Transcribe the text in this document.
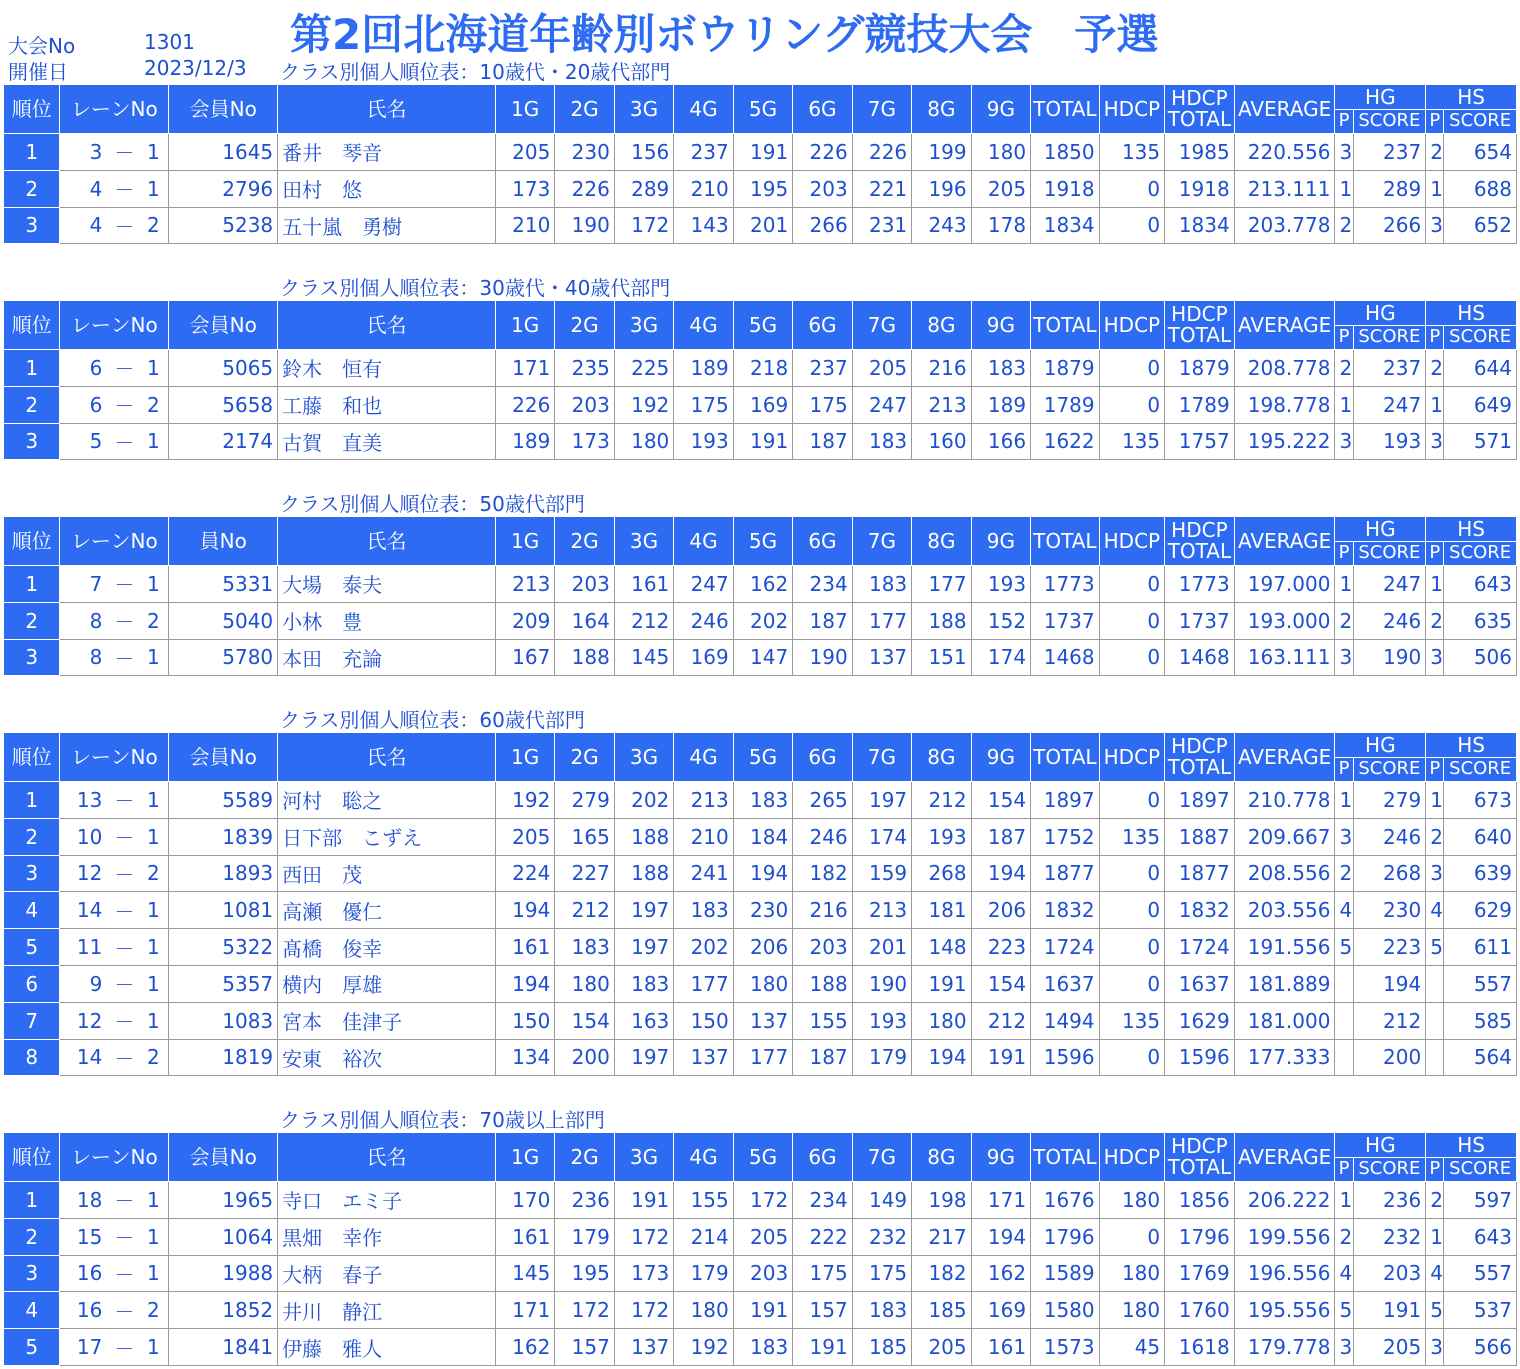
大会No	1301
開催日	2023/12/3
第2回北海道年齢別ボウリング競技大会　予選
クラス別個人順位表：10歳代・20歳代部門
順位	レーンNo			会員No	氏名	1G	2G	3G	4G	5G	6G	7G	8G	9G	TOTAL	HDCP	HDCP
TOTAL	AVERAGE	HG		HS	
																			P	SCORE	P	SCORE
1	3	－	1	1645	番井　琴音	205	230	156	237	191	226	226	199	180	1850	135	1985	220.556	3	237	2	654
2	4	－	1	2796	田村　悠	173	226	289	210	195	203	221	196	205	1918	0	1918	213.111	1	289	1	688
3	4	－	2	5238	五十嵐　勇樹	210	190	172	143	201	266	231	243	178	1834	0	1834	203.778	2	266	3	652
クラス別個人順位表：30歳代・40歳代部門
順位	レーンNo			会員No	氏名	1G	2G	3G	4G	5G	6G	7G	8G	9G	TOTAL	HDCP	HDCP
TOTAL	AVERAGE	HG		HS	
																			P	SCORE	P	SCORE
1	6	－	1	5065	鈴木　恒有	171	235	225	189	218	237	205	216	183	1879	0	1879	208.778	2	237	2	644
2	6	－	2	5658	工藤　和也	226	203	192	175	169	175	247	213	189	1789	0	1789	198.778	1	247	1	649
3	5	－	1	2174	古賀　直美	189	173	180	193	191	187	183	160	166	1622	135	1757	195.222	3	193	3	571
クラス別個人順位表：50歳代部門
順位	レーンNo			員No	氏名	1G	2G	3G	4G	5G	6G	7G	8G	9G	TOTAL	HDCP	HDCP
TOTAL	AVERAGE	HG		HS	
																			P	SCORE	P	SCORE
1	7	－	1	5331	大場　泰夫	213	203	161	247	162	234	183	177	193	1773	0	1773	197.000	1	247	1	643
2	8	－	2	5040	小林　豊	209	164	212	246	202	187	177	188	152	1737	0	1737	193.000	2	246	2	635
3	8	－	1	5780	本田　充論	167	188	145	169	147	190	137	151	174	1468	0	1468	163.111	3	190	3	506
クラス別個人順位表：60歳代部門
順位	レーンNo			会員No	氏名	1G	2G	3G	4G	5G	6G	7G	8G	9G	TOTAL	HDCP	HDCP
TOTAL	AVERAGE	HG		HS	
																			P	SCORE	P	SCORE
1	13	－	1	5589	河村　聡之	192	279	202	213	183	265	197	212	154	1897	0	1897	210.778	1	279	1	673
2	10	－	1	1839	日下部　こずえ	205	165	188	210	184	246	174	193	187	1752	135	1887	209.667	3	246	2	640
3	12	－	2	1893	西田　茂	224	227	188	241	194	182	159	268	194	1877	0	1877	208.556	2	268	3	639
4	14	－	1	1081	高瀬　優仁	194	212	197	183	230	216	213	181	206	1832	0	1832	203.556	4	230	4	629
5	11	－	1	5322	髙橋　俊幸	161	183	197	202	206	203	201	148	223	1724	0	1724	191.556	5	223	5	611
6	9	－	1	5357	横内　厚雄	194	180	183	177	180	188	190	191	154	1637	0	1637	181.889		194		557
7	12	－	1	1083	宮本　佳津子	150	154	163	150	137	155	193	180	212	1494	135	1629	181.000		212		585
8	14	－	2	1819	安東　裕次	134	200	197	137	177	187	179	194	191	1596	0	1596	177.333		200		564
クラス別個人順位表：70歳以上部門
順位	レーンNo			会員No	氏名	1G	2G	3G	4G	5G	6G	7G	8G	9G	TOTAL	HDCP	HDCP
TOTAL	AVERAGE	HG		HS	
																			P	SCORE	P	SCORE
1	18	－	1	1965	寺口　エミ子	170	236	191	155	172	234	149	198	171	1676	180	1856	206.222	1	236	2	597
2	15	－	1	1064	黒畑　幸作	161	179	172	214	205	222	232	217	194	1796	0	1796	199.556	2	232	1	643
3	16	－	1	1988	大柄　春子	145	195	173	179	203	175	175	182	162	1589	180	1769	196.556	4	203	4	557
4	16	－	2	1852	井川　静江	171	172	172	180	191	157	183	185	169	1580	180	1760	195.556	5	191	5	537
5	17	－	1	1841	伊藤　雅人	162	157	137	192	183	191	185	205	161	1573	45	1618	179.778	3	205	3	566
